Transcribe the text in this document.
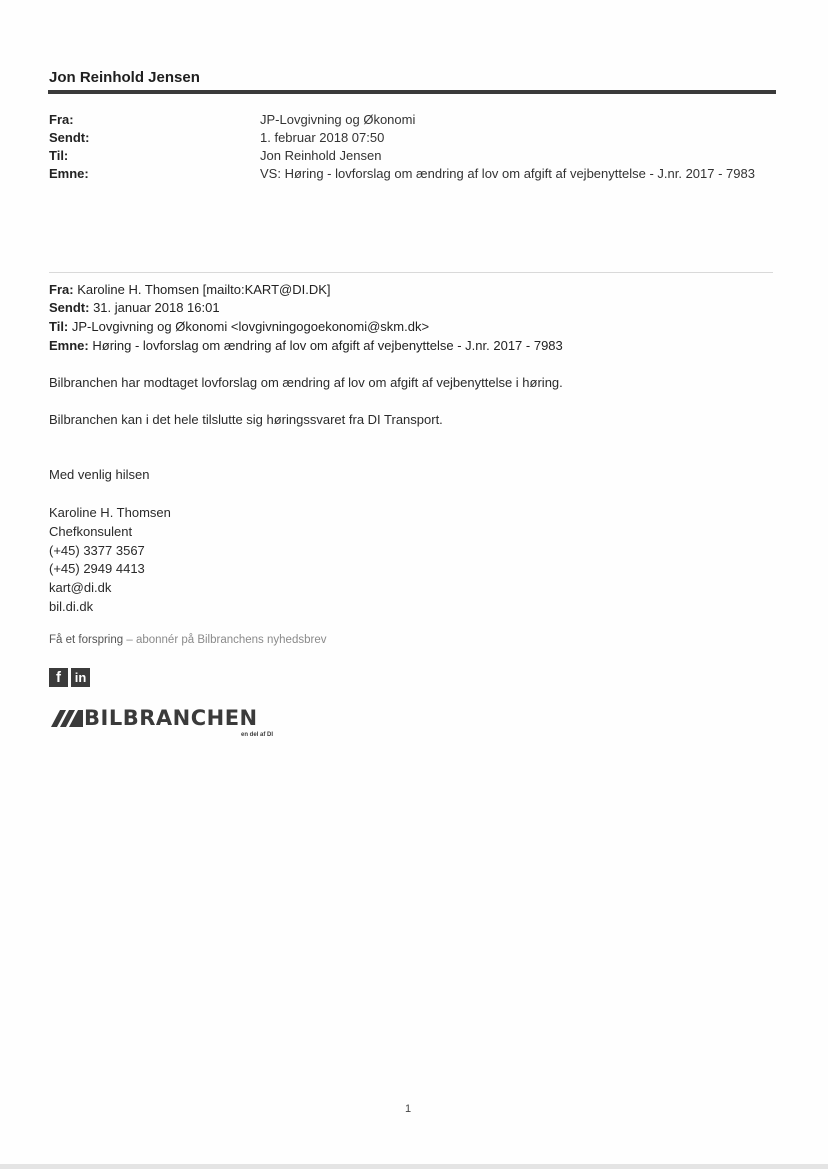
Jon Reinhold Jensen
Fra:	JP-Lovgivning og Økonomi
Sendt:	1. februar 2018 07:50
Til:	Jon Reinhold Jensen
Emne:	VS: Høring - lovforslag om ændring af lov om afgift af vejbenyttelse - J.nr. 2017 - 7983
Fra: Karoline H. Thomsen [mailto:KART@DI.DK]
Sendt: 31. januar 2018 16:01
Til: JP-Lovgivning og Økonomi <lovgivningogoekonomi@skm.dk>
Emne: Høring - lovforslag om ændring af lov om afgift af vejbenyttelse - J.nr. 2017 - 7983
Bilbranchen har modtaget lovforslag om ændring af lov om afgift af vejbenyttelse i høring.
Bilbranchen kan i det hele tilslutte sig høringssvaret fra DI Transport.
Med venlig hilsen
Karoline H. Thomsen
Chefkonsulent
(+45) 3377 3567
(+45) 2949 4413
kart@di.dk
bil.di.dk
Få et forspring – abonnér på Bilbranchens nyhedsbrev
f	in
BILBRANCHEN
en del af DI
1
